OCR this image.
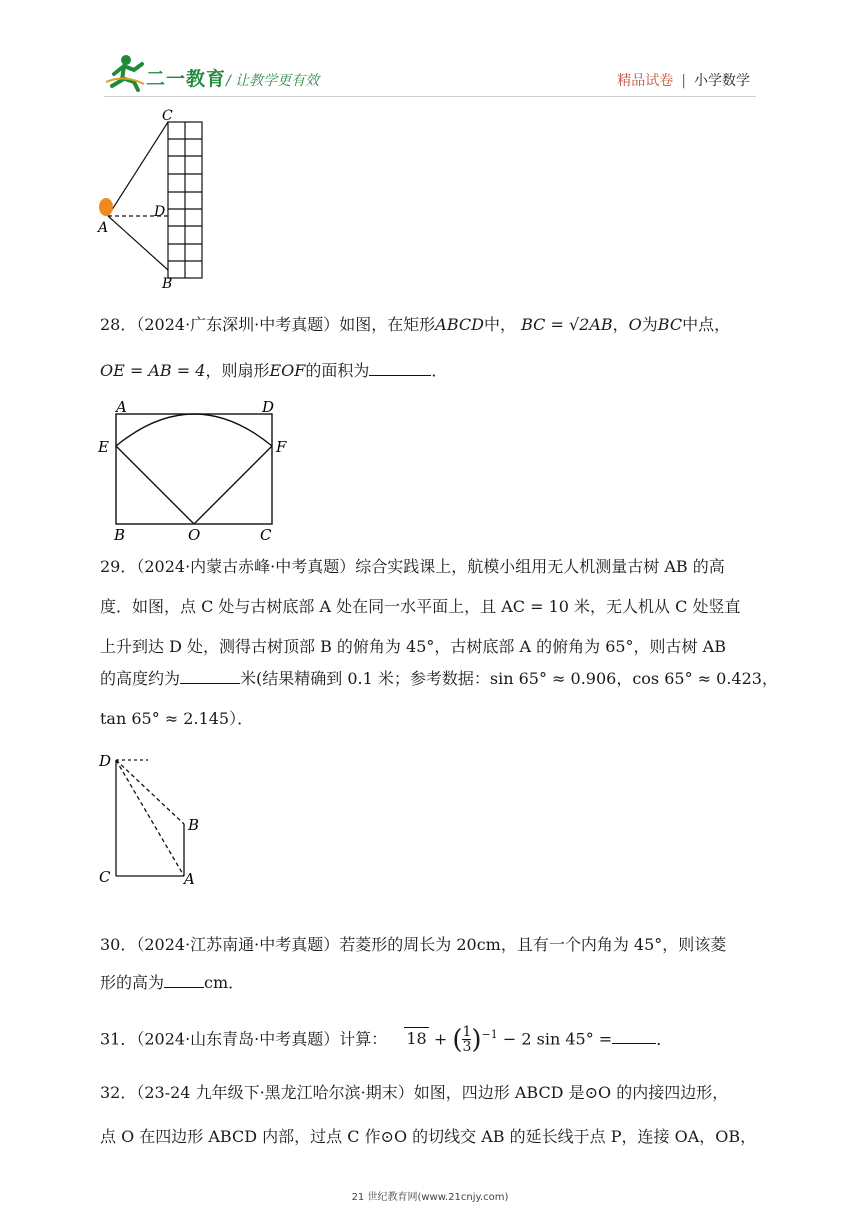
二一教育 / 让教学更有效	精品试卷 | 小学数学
C
D
A
B
28．（2024·广东深圳·中考真题）如图，在矩形ABCD中， BC = √2AB，O为BC中点，
OE = AB = 4，则扇形EOF的面积为	．
A	D
E	F
B	O	C
29．（2024·内蒙古赤峰·中考真题）综合实践课上，航模小组用无人机测量古树 AB 的高
度．如图，点 C 处与古树底部 A 处在同一水平面上，且 AC = 10 米，无人机从 C 处竖直
上升到达 D 处，测得古树顶部 B 的俯角为 45°，古树底部 A 的俯角为 65°，则古树 AB
的高度约为	米(结果精确到 0.1 米；参考数据：sin 65° ≈ 0.906，cos 65° ≈ 0.423，
tan 65° ≈ 2.145）．
D
B
C	A
30．（2024·江苏南通·中考真题）若菱形的周长为 20cm，且有一个内角为 45°，则该菱
形的高为	cm．
31．（2024·山东青岛·中考真题）计算： 18 + ( $\frac{1}{3} )^{-1} - 2$ sin 45° =	．
32．（23-24 九年级下·黑龙江哈尔滨·期末）如图，四边形 ABCD 是⊙O 的内接四边形，
点 O 在四边形 ABCD 内部，过点 C 作⊙O 的切线交 AB 的延长线于点 P，连接 OA，OB，
21 世纪教育网(www.21cnjy.com)
